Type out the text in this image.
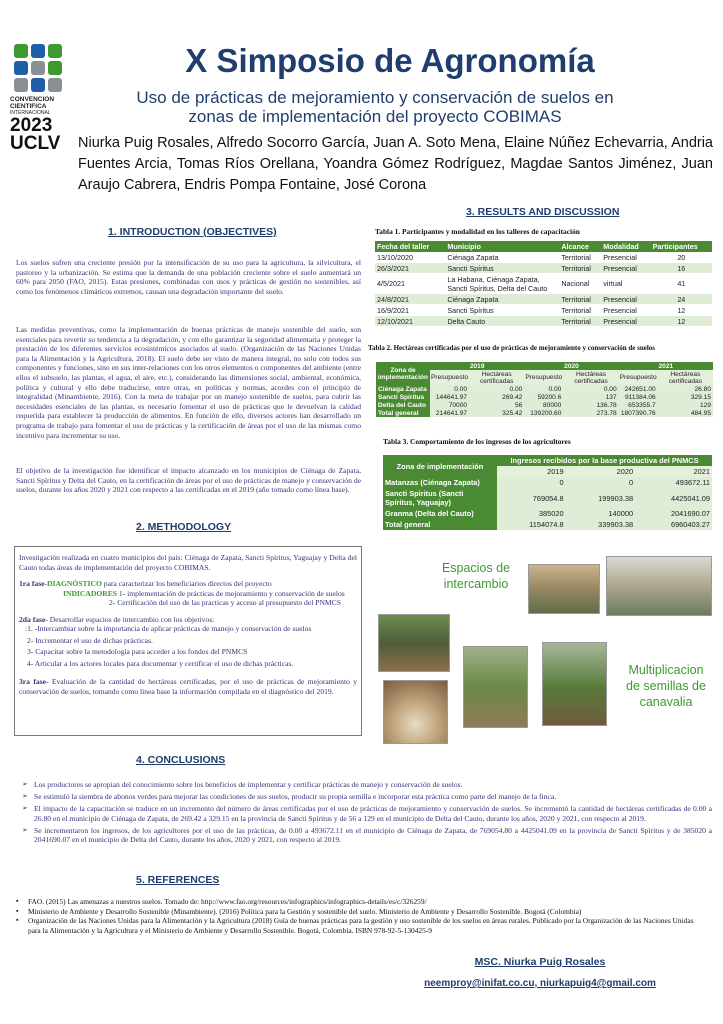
CONVENCION
CIENTIFICA
INTERNACIONAL
2023
UCLV
X Simposio de Agronomía
Uso de prácticas de mejoramiento y conservación de suelos en
zonas de implementación del proyecto COBIMAS
Niurka Puig Rosales, Alfredo Socorro García, Juan A. Soto Mena, Elaine Núñez Echevarria, Andria Fuentes Arcia, Tomas Ríos Orellana, Yoandra Gómez Rodríguez, Magdae Santos Jiménez, Juan Araujo Cabrera, Endris Pompa Fontaine, José Corona
1. INTRODUCTION (OBJECTIVES)
Los suelos sufren una creciente presión por la intensificación de su uso para la agricultura, la silvicultura, el pastoreo y la urbanización. Se estima que la demanda de una población creciente sobre el suelo aumentará un 60% para 2050 (FAO, 2015). Estas presiones, combinadas con usos y prácticas de gestión no sostenibles, así como los fenómenos climáticos extremos, causan una degradación importante del suelo.
Las medidas preventivas, como la implementación de buenas prácticas de manejo sostenible del suelo, son esenciales para revertir su tendencia a la degradación, y con ello garantizar la seguridad alimentaria y proteger la prestación de los diferentes servicios ecosistémicos asociados al suelo. (Organización de las Naciones Unidas para la Alimentación y la Agricultura, 2018). El suelo debe ser visto de manera integral, no solo con todos sus componentes y funciones, sino en sus inter-relaciones con los otros elementos o componentes del ambiente (entre ellos el subsuelo, las plantas, el agua, el aire, etc.), considerando las dimensiones social, ambiental, económica, política y cultural y ello debe traducirse, entre otras, en políticas y normas, acordes con el principio de integralidad (Minambiente, 2016). Con la meta de trabajar por un manejo sostenible de suelos, para cubrir las necesidades esenciales de las plantas, es necesario fomentar el uso de prácticas que le devuelvan la calidad requerida para establecer la producción de alimentos. En función de ello, diversos actores han desarrollado un programa de trabajo para fomentar el uso de prácticas y la certificación de áreas por el uso de las mismas como incentivo para incrementar su uso.
El objetivo de la investigación fue identificar el impacto alcanzado en los municipios de Ciénaga de Zapata, Sancti Spíritus y Delta del Cauto, en la certificación de áreas por el uso de prácticas de manejo y conservación de suelos, durante los años 2020 y 2021 con respecto a las certificadas en el 2019 (año tomado como línea base).
2. METHODOLOGY
Investigación realizada en cuatro municipios del país: Ciénaga de Zapata, Sancti Spíritus, Yaguajay y Delta del Cauto todas áreas de implementación del proyecto COBIMAS.
1ra fase-DIAGNÓSTICO para caracterizar los beneficiarios directos del proyecto
INDICADORES 1- implementación de prácticas de mejoramiento y conservación de suelos
2- Certificación del uso de las practicas y acceso al presupuesto del PNMCS
2da fase- Desarrollar espacios de intercambio con los objetivos:
:1. -Intercambiar sobre la importancia de aplicar prácticas de manejo y conservación de suelos
2- Incrementar el uso de dichas prácticas.
3- Capacitar sobre la metodología para acceder a los fondos del PNMCS
4- Articular a los actores locales para documentar y certificar el uso de dichas prácticas.
3ra fase- Evaluación de la cantidad de hectáreas certificadas, por el uso de prácticas de mejoramiento y conservación de suelos, tomando como línea base la información compilada en el diagnóstico del 2019.
3. RESULTS AND DISCUSSION
Tabla 1. Participantes y modalidad en los talleres de capacitación
Fecha del taller	Municipio	Alcance	Modalidad	Participantes
13/10/2020	Ciénaga Zapata	Territorial	Presencial	20
26/3/2021	Sancti Spíritus	Territorial	Presencial	16
4/5/2021	La Habana, Ciénaga Zapata, Sancti Spíritus, Delta del Cauto	Nacional	virtual	41
24/8/2021	Ciénaga Zapata	Territorial	Presencial	24
16/9/2021	Sancti Spíritus	Territorial	Presencial	12
12/10/2021	Delta Cauto	Territorial	Presencial	12
Tabla 2. Hectáreas certificadas por el uso de prácticas de mejoramiento y conservación de suelos
Zona de implementación	2019		2020		2021	
	Presupuesto	Hectáreas certificadas	Presupuesto	Hectáreas certificadas	Presupuesto	Hectáreas certificadas
Ciénaga Zapata	0.00	0.00	0.00	0.00	242651.00	26.80
Sancti Spíritus	144641.97	269.42	59200.6	137	911384.06	329.15
Delta del Cauto	70000	56	80000	136.78	653355.7	129
Total general	214641.97	325.42	139200.60	273.78	1807390.76	484.95
Tabla 3. Comportamiento de los ingresos de los agricultores
Zona de implementación	Ingresos recibidos por la base productiva del PNMCS		
	2019	2020	2021
Matanzas (Ciénaga Zapata)	0	0	493672.11
Sancti Spiritus (Sancti Spíritus, Yaguajay)	769054.8	199903.38	4425041.09
Granma (Delta del Cauto)	385020	140000	2041690.07
Total general	1154074.8	339903.38	6960403.27
Espacios de intercambio
Multiplicacion de semillas de canavalia
4. CONCLUSIONS
➢ Los productores se apropian del conocimiento sobre los beneficios de implementar y certificar prácticas de manejo y conservación de suelos.
➢ Se estimuló la siembra de abonos verdes para mejorar las condiciones de sus suelos, producir su propia semilla e incorporar esta práctica como parte del manejo de la finca.
➢ El impacto de la capacitación se traduce en un incremento del número de áreas certificadas por el uso de prácticas de mejoramiento y conservación de suelos. Se incrementó la cantidad de hectáreas certificadas de 0.00 a 26.80 en el municipio de Ciénaga de Zapata, de 269.42 a 329.15 en la provincia de Sancti Spíritus y de 56 a 129 en el municipio de Delta del Cauto, durante los años, 2020 y 2021, con respecto al 2019.
➢ Se incrementaron los ingresos, de los agricultores por el uso de las prácticas, de 0.00 a 493672.11 en el municipio de Ciénaga de Zapata, de 769054.80 a 4425041.09 en la provincia de Sancti Spíritus y de 385020 a 2041690.07 en el municipio de Delta del Cauto, durante los años, 2020 y 2021, con respecto al 2019.
5. REFERENCES
▪ FAO. (2015) Las amenazas a nuestros suelos. Tomado de: http://www.fao.org/resources/infographics/infographics-details/es/c/326259/
▪ Ministerio de Ambiente y Desarrollo Sostenible (Minambiente). (2016) Política para la Gestión y sostenible del suelo. Ministerio de Ambiente y Desarrollo Sostenible. Bogotá (Colombia)
▪ Organización de las Naciones Unidas para la Alimentación y la Agricultura (2018) Guía de buenas prácticas para la gestión y uso sostenible de los suelos en áreas rurales. Publicado por la Organización de las Naciones Unidas para la Alimentación y la Agricultura y el Ministerio de Ambiente y Desarrollo Sostenible. Bogotá, Colombia. ISBN 978-92-5-130425-9
MSC. Niurka Puig Rosales
neemproy@inifat.co.cu, niurkapuig4@gmail.com
